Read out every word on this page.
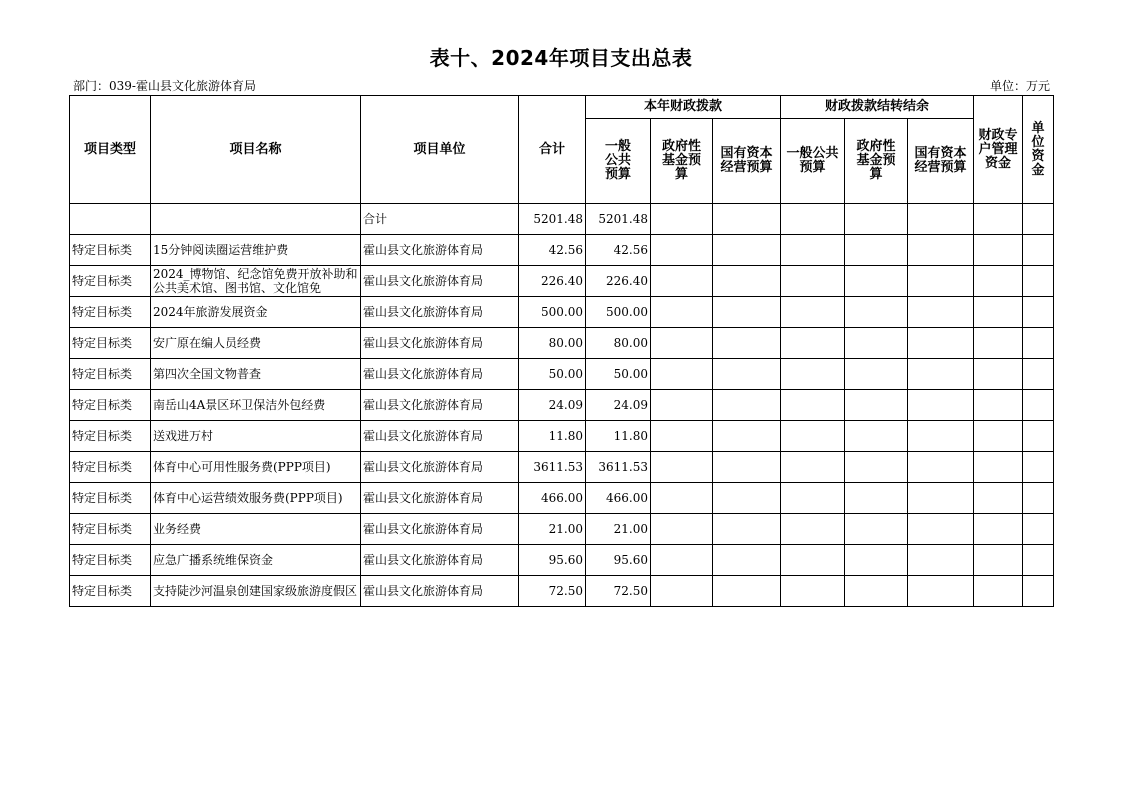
表十、2024年项目支出总表
部门：039-霍山县文化旅游体育局	单位：万元
项目类型	项目名称	项目单位	合计	本年财政拨款			财政拨款结转结余			财政专户管理资金	单位资金
				一般公共预算	政府性基金预算	国有资本经营预算	一般公共预算	政府性基金预算	国有资本经营预算		
		合计	5201.48	5201.48							
特定目标类	15分钟阅读圈运营维护费	霍山县文化旅游体育局	42.56	42.56							
特定目标类	2024_博物馆、纪念馆免费开放补助和公共美术馆、图书馆、文化馆免	霍山县文化旅游体育局	226.40	226.40							
特定目标类	2024年旅游发展资金	霍山县文化旅游体育局	500.00	500.00							
特定目标类	安广原在编人员经费	霍山县文化旅游体育局	80.00	80.00							
特定目标类	第四次全国文物普查	霍山县文化旅游体育局	50.00	50.00							
特定目标类	南岳山4A景区环卫保洁外包经费	霍山县文化旅游体育局	24.09	24.09							
特定目标类	送戏进万村	霍山县文化旅游体育局	11.80	11.80							
特定目标类	体育中心可用性服务费(PPP项目)	霍山县文化旅游体育局	3611.53	3611.53							
特定目标类	体育中心运营绩效服务费(PPP项目)	霍山县文化旅游体育局	466.00	466.00							
特定目标类	业务经费	霍山县文化旅游体育局	21.00	21.00							
特定目标类	应急广播系统维保资金	霍山县文化旅游体育局	95.60	95.60							
特定目标类	支持陡沙河温泉创建国家级旅游度假区	霍山县文化旅游体育局	72.50	72.50							
